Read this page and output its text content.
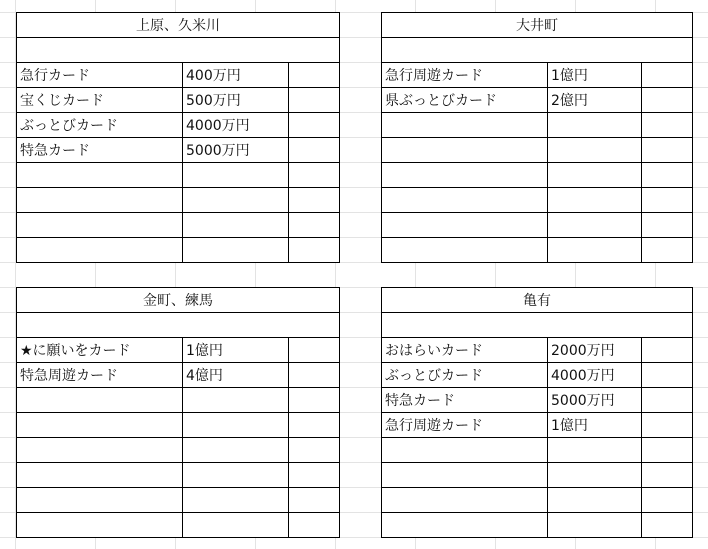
上原、久米川		

急行カード	400万円	
宝くじカード	500万円	
ぶっとびカード	4000万円	
特急カード	5000万円	

大井町		

急行周遊カード	1億円	
県ぶっとびカード	2億円	

金町、練馬		

★に願いをカード	1億円	
特急周遊カード	4億円	

亀有		

おはらいカード	2000万円	
ぶっとびカード	4000万円	
特急カード	5000万円	
急行周遊カード	1億円	
